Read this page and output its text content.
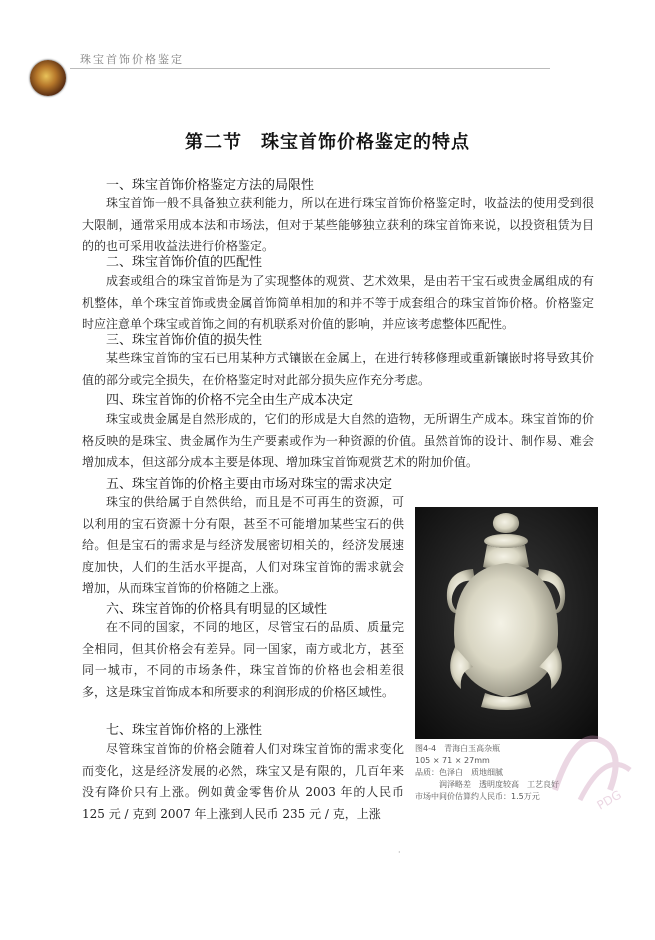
珠宝首饰价格鉴定
第二节　珠宝首饰价格鉴定的特点
一、珠宝首饰价格鉴定方法的局限性
珠宝首饰一般不具备独立获利能力，所以在进行珠宝首饰价格鉴定时，收益法的使用受到很大限制，通常采用成本法和市场法，但对于某些能够独立获利的珠宝首饰来说，以投资租赁为目的的也可采用收益法进行价格鉴定。
二、珠宝首饰价值的匹配性
成套或组合的珠宝首饰是为了实现整体的观赏、艺术效果，是由若干宝石或贵金属组成的有机整体，单个珠宝首饰或贵金属首饰简单相加的和并不等于成套组合的珠宝首饰价格。价格鉴定时应注意单个珠宝或首饰之间的有机联系对价值的影响，并应该考虑整体匹配性。
三、珠宝首饰价值的损失性
某些珠宝首饰的宝石已用某种方式镶嵌在金属上，在进行转移修理或重新镶嵌时将导致其价值的部分或完全损失，在价格鉴定时对此部分损失应作充分考虑。
四、珠宝首饰的价格不完全由生产成本决定
珠宝或贵金属是自然形成的，它们的形成是大自然的造物，无所谓生产成本。珠宝首饰的价格反映的是珠宝、贵金属作为生产要素或作为一种资源的价值。虽然首饰的设计、制作易、难会增加成本，但这部分成本主要是体现、增加珠宝首饰观赏艺术的附加价值。
五、珠宝首饰的价格主要由市场对珠宝的需求决定
珠宝的供给属于自然供给，而且是不可再生的资源，可以利用的宝石资源十分有限，甚至不可能增加某些宝石的供给。但是宝石的需求是与经济发展密切相关的，经济发展速度加快，人们的生活水平提高，人们对珠宝首饰的需求就会增加，从而珠宝首饰的价格随之上涨。
六、珠宝首饰的价格具有明显的区域性
在不同的国家，不同的地区，尽管宝石的品质、质量完全相同，但其价格会有差异。同一国家，南方或北方，甚至同一城市，不同的市场条件，珠宝首饰的价格也会相差很多，这是珠宝首饰成本和所要求的利润形成的价格区域性。
七、珠宝首饰价格的上涨性
尽管珠宝首饰的价格会随着人们对珠宝首饰的需求变化而变化，这是经济发展的必然，珠宝又是有限的，几百年来没有降价只有上涨。例如黄金零售价从 2003 年的人民币 125 元 / 克到 2007 年上涨到人民币 235 元 / 克，上涨
图4-4　青海白玉高杂瓶
105 × 71 × 27mm
品质：色泽白　质地细腻
润泽略差　透明度较高　工艺良好
市场中间价估算约人民币：1.5万元	PDG
·
